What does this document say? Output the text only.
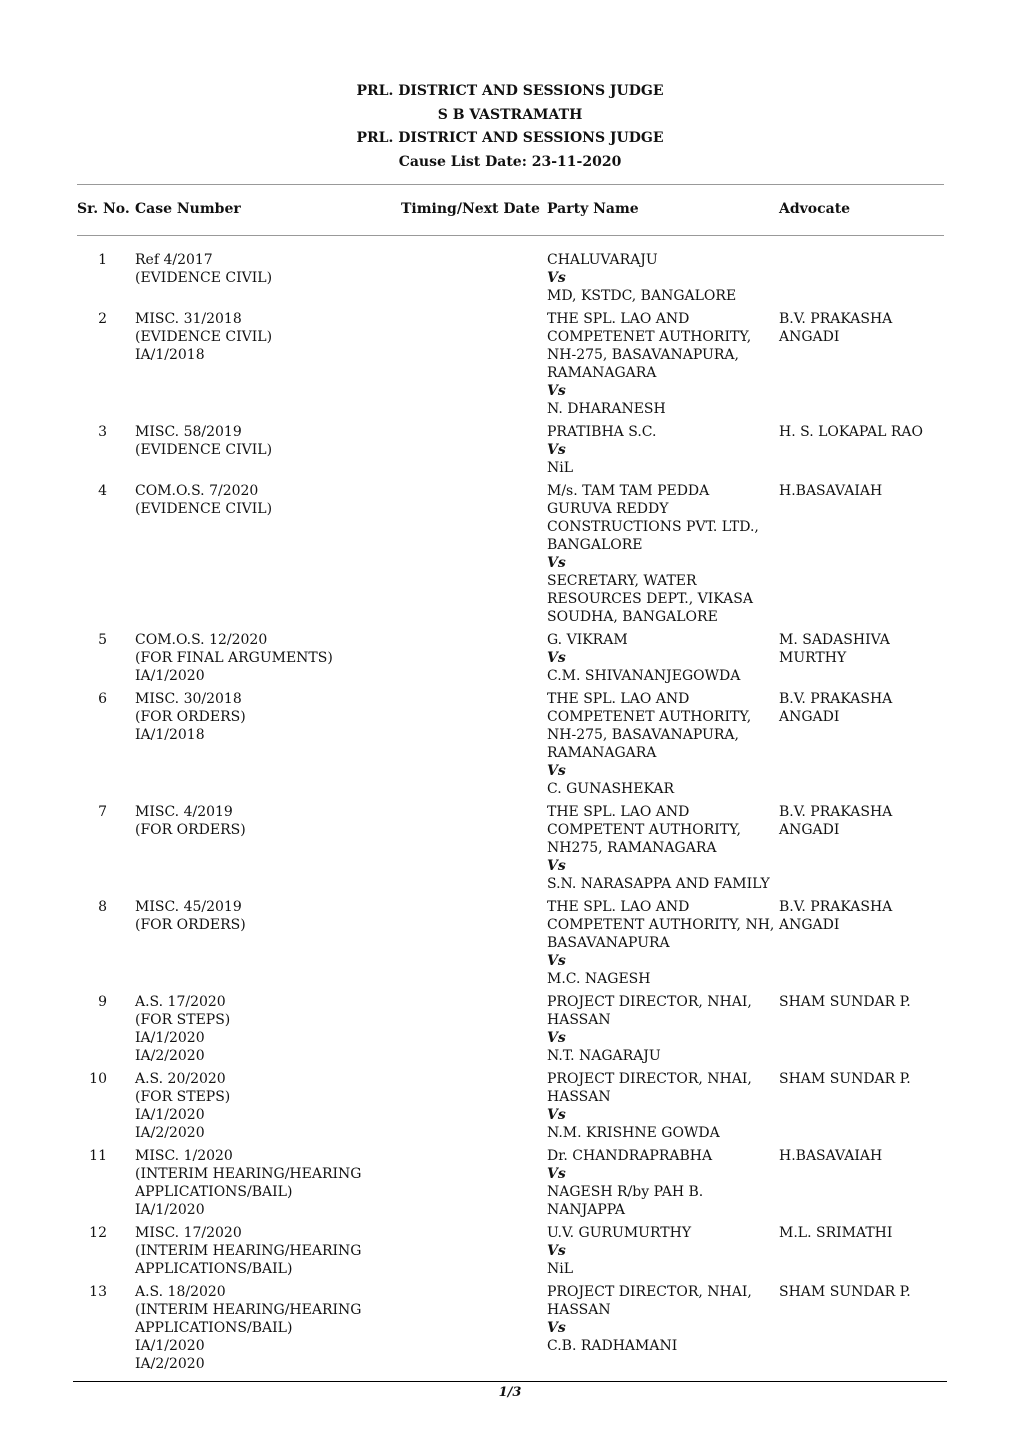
PRL. DISTRICT AND SESSIONS JUDGE
S B VASTRAMATH
PRL. DISTRICT AND SESSIONS JUDGE
Cause List Date: 23-11-2020
Sr. No. Case Number	Timing/Next Date Party Name	Advocate
1 Ref 4/2017
(EVIDENCE CIVIL)
CHALUVARAJU
Vs
MD, KSTDC, BANGALORE
2 MISC. 31/2018
(EVIDENCE CIVIL)
IA/1/2018
THE SPL. LAO AND COMPETENET AUTHORITY, NH-275, BASAVANAPURA, RAMANAGARA
Vs
N. DHARANESH
B.V. PRAKASHA ANGADI
3 MISC. 58/2019
(EVIDENCE CIVIL)
PRATIBHA S.C.
Vs
NiL
H. S. LOKAPAL RAO
4 COM.O.S. 7/2020
(EVIDENCE CIVIL)
M/s. TAM TAM PEDDA GURUVA REDDY CONSTRUCTIONS PVT. LTD., BANGALORE
Vs
SECRETARY, WATER RESOURCES DEPT., VIKASA SOUDHA, BANGALORE
H.BASAVAIAH
5 COM.O.S. 12/2020
(FOR FINAL ARGUMENTS)
IA/1/2020
G. VIKRAM
Vs
C.M. SHIVANANJEGOWDA
M. SADASHIVA MURTHY
6 MISC. 30/2018
(FOR ORDERS)
IA/1/2018
THE SPL. LAO AND COMPETENET AUTHORITY, NH-275, BASAVANAPURA, RAMANAGARA
Vs
C. GUNASHEKAR
B.V. PRAKASHA ANGADI
7 MISC. 4/2019
(FOR ORDERS)
THE SPL. LAO AND COMPETENT AUTHORITY, NH275, RAMANAGARA
Vs
S.N. NARASAPPA AND FAMILY
B.V. PRAKASHA ANGADI
8 MISC. 45/2019
(FOR ORDERS)
THE SPL. LAO AND COMPETENT AUTHORITY, NH, BASAVANAPURA
Vs
M.C. NAGESH
B.V. PRAKASHA ANGADI
9 A.S. 17/2020
(FOR STEPS)
IA/1/2020
IA/2/2020
PROJECT DIRECTOR, NHAI, HASSAN
Vs
N.T. NAGARAJU
SHAM SUNDAR P.
10 A.S. 20/2020
(FOR STEPS)
IA/1/2020
IA/2/2020
PROJECT DIRECTOR, NHAI, HASSAN
Vs
N.M. KRISHNE GOWDA
SHAM SUNDAR P.
11 MISC. 1/2020
(INTERIM HEARING/HEARING APPLICATIONS/BAIL)
IA/1/2020
Dr. CHANDRAPRABHA
Vs
NAGESH R/by PAH B. NANJAPPA
H.BASAVAIAH
12 MISC. 17/2020
(INTERIM HEARING/HEARING APPLICATIONS/BAIL)
U.V. GURUMURTHY
Vs
NiL
M.L. SRIMATHI
13 A.S. 18/2020
(INTERIM HEARING/HEARING APPLICATIONS/BAIL)
IA/1/2020
IA/2/2020
PROJECT DIRECTOR, NHAI, HASSAN
Vs
C.B. RADHAMANI
SHAM SUNDAR P.
1/3
